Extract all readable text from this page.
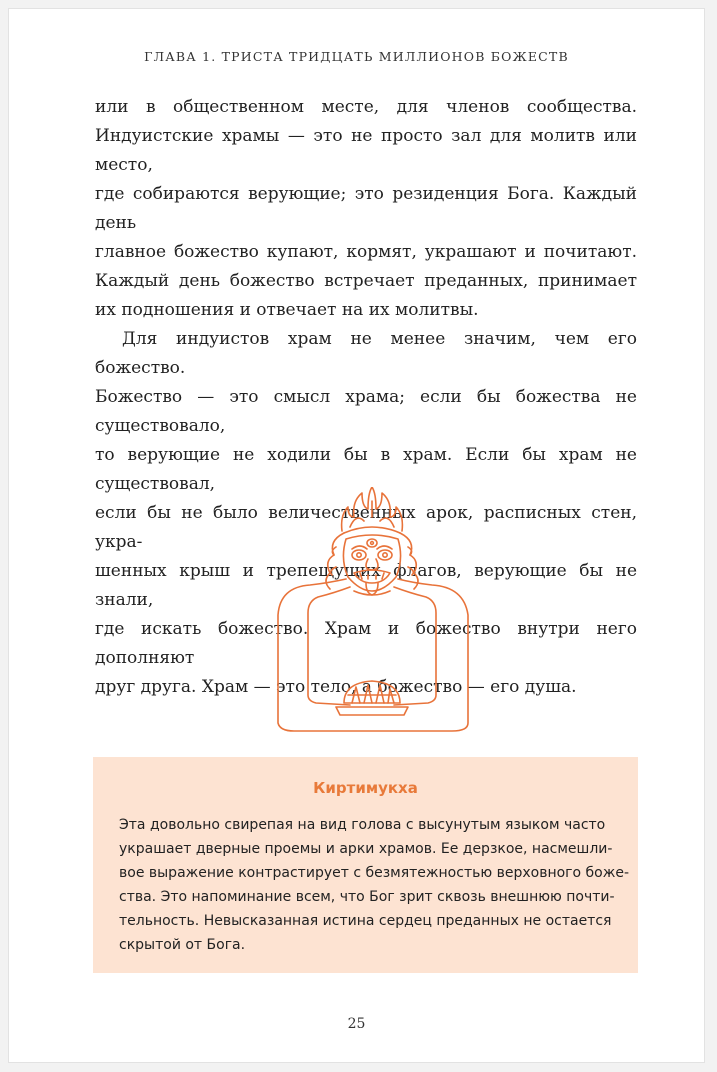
ГЛАВА 1. ТРИСТА ТРИДЦАТЬ МИЛЛИОНОВ БОЖЕСТВ

или в общественном месте, для членов сообщества.

Индуистские храмы — это не просто зал для молитв или место,

где собираются верующие; это резиденция Бога. Каждый день

главное божество купают, кормят, украшают и почитают.

Каждый день божество встречает преданных, принимает

их подношения и отвечает на их молитвы.

Для индуистов храм не менее значим, чем его божество.

Божество — это смысл храма; если бы божества не существовало,

то верующие не ходили бы в храм. Если бы храм не существовал,

если бы не было величественных арок, расписных стен, укра-

шенных крыш и трепещущих флагов, верующие бы не знали,

где искать божество. Храм и божество внутри него дополняют

друг друга. Храм — это тело, а божество — его душа.

Киртимукха
Эта довольно свирепая на вид голова с высунутым языком часто
украшает дверные проемы и арки храмов. Ее дерзкое, насмешли-
вое выражение контрастирует с безмятежностью верховного боже-
ства. Это напоминание всем, что Бог зрит сквозь внешнюю почти-
тельность. Невысказанная истина сердец преданных не остается
скрытой от Бога.
25
